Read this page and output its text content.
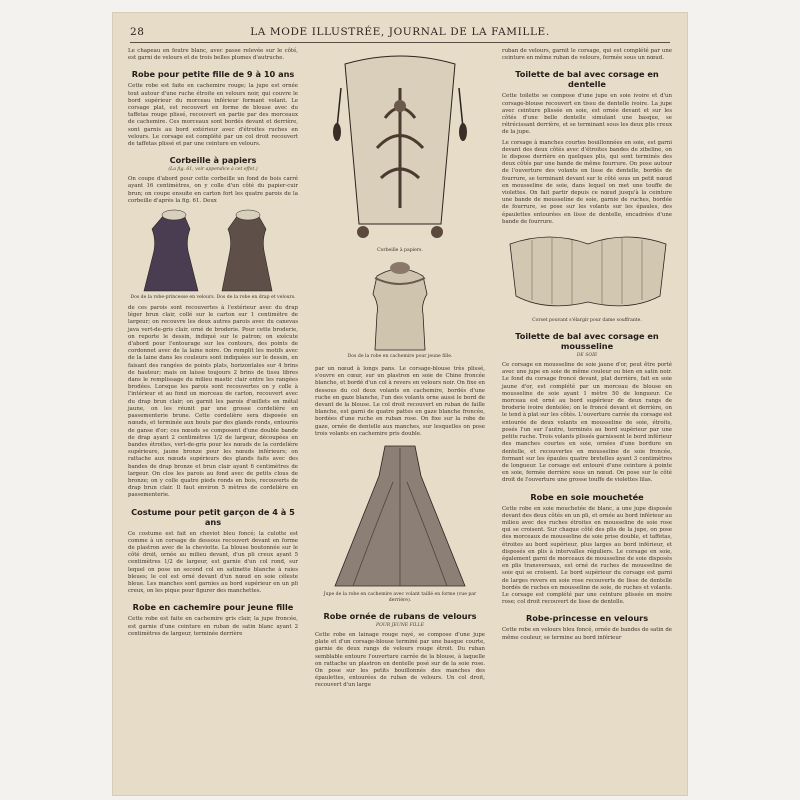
28	LA MODE ILLUSTRÉE, JOURNAL DE LA FAMILLE.

Le chapeau en feutre blanc, avec passe relevée sur le côté, est garni de velours et de trois belles plumes d'autruche.

Robe pour petite fille de 9 à 10 ans

Cette robe est faite en cachemire rouge; la jupe est ornée tout autour d'une ruche étroite en velours noir, qui couvre le bord supérieur du morceau inférieur formant volant. Le corsage plat, est recouvert en forme de blouse avec du taffetas rouge plissé, recouvert en partie par des morceaux de cachemire. Ces morceaux sont bordés devant et derrière, sont garnis au bord extérieur avec d'étroites ruches en velours. Le corsage est complété par un col droit recouvert de taffetas plissé et par une ceinture en velours.

Corbeille à papiers
(La fig. 61, voir appendice à cet effet.)

On coupe d'abord pour cette corbeille un fond de bois carré ayant 16 centimètres, on y colle d'un côté du papier-cuir brun; on coupe ensuite en carton fort les quatre parois de la corbeille d'après la fig. 61. Deux

Dos de la robe-princesse en velours. Dos de la robe en drap et velours.

de ces parois sont recouvertes à l'extérieur avec du drap léger brun clair, collé sur le carton sur 1 centimètre de largeur; on recouvre les deux autres parois avec du canevas java vert-de-gris clair, orné de broderie. Pour cette broderie, on reporte le dessin, indiqué sur le patron; on exécute d'abord pour l'entourage sur les contours, des points de cordonnet avec de la laine noire. On remplit les motifs avec de la laine dans les couleurs sont indiquées sur le dessin, en faisant des rangées de points plats, horizontales sur 4 brins de hauteur; mais on laisse toujours 2 brins de tissu libres dans le remplissage du milieu mastic clair entre les rangées brodées. Lorsque les parois sont recouvertes on y colle à l'intérieur et au fond un morceau de carton, recouvert avec du drap brun clair; on garnit les parois d'œillets en métal jaune, on les réunit par une grosse cordelière en passementerie brune. Cette cordelière sera disposée en nœuds, et terminée aux bouts par des glands ronds, entourés de ganse d'or; ces nœuds se composent d'une double bande de drap ayant 2 centimètres 1/2 de largeur, découpées en bandes étroites, vert-de-gris pour les nœuds de la cordelière supérieure, jaune bronze pour les nœuds inférieurs; on rattache aux nœuds supérieurs des glands faits avec des bandes de drap bronze et brun clair ayant 6 centimètres de largeur. On clos les parois au fond avec de petits clous de bronze; on y colle quatre pieds ronds en bois, recouverts de drap brun clair. Il faut environ 5 mètres de cordelière en passementerie.

Costume pour petit garçon de 4 à 5 ans

Ce costume est fait en cheviot bleu foncé; la culotte est comme à un corsage de dessous recouvert devant en forme de plastron avec de la cheviotte. La blouse boutonnée sur le côté droit, ornée au milieu devant, d'un pli creux ayant 5 centimètres 1/2 de largeur, est garnie d'un col rond, sur lequel on pose un second col en satinette blanche à raies bleues; le col est orné devant d'un nœud en soie céleste bleue. Les manches sont garnies au bord supérieur en un pli creux, on les pique pour figurer des manchettes.

Robe en cachemire pour jeune fille

Cette robe est faite en cachemire gris clair, la jupe froncée, est garnie d'une ceinture en ruban de satin blanc ayant 2 centimètres de largeur, terminée derrière

Corbeille à papiers.
Dos de la robe en cachemire pour jeune fille.

par un nœud à longs pans. Le corsage-blouse très plissé, s'ouvre en cœur, sur un plastron en soie de Chine froncée blanche, et bordé d'un col à revers en velours noir. On fixe en dessous du col deux volants en cachemire, bordés d'une ruche en gaze blanche, l'un des volants orne aussi le bord de devant de la blouse. Le col droit recouvert en ruban de faille blanche, est garni de quatre pattes en gaze blanche froncée, bordées d'une ruche en ruban rose. On fixe sur la robe de gaze, ornée de dentelle aux manches, sur lesquelles on pose trois volants en cachemire pris double.

Jupe de la robe en cachemire avec volant taillé en forme (vue par derrière).
Robe ornée de rubans de velours
POUR JEUNE FILLE

Cette robe en lainage rouge rayé, se compose d'une jupe plate et d'un corsage-blouse terminé par une basque courte, garnie de deux rangs de velours rouge étroit. Du ruban semblable entoure l'ouverture carrée de la blouse, à laquelle on rattache un plastron en dentelle posé sur de la soie rose. On pose sur les petits bouillonnés des manches des épaulettes, entourées de ruban de velours. Un col droit, recouvert d'un large

ruban de velours, garnit le corsage, qui est complété par une ceinture en même ruban de velours, fermée sous un nœud.

Toilette de bal avec corsage en dentelle

Cette toilette se compose d'une jupe en soie ivoire et d'un corsage-blouse recouvert en tissu de dentelle ivoire. La jupe avec ceinture plissée en soie, est ornée devant et sur les côtés d'une belle dentelle simulant une basque, se rétrécissant derrière, et se terminant sous les deux plis creux de la jupe.

Le corsage à manches courtes bouillonnées en soie, est garni devant des deux côtés avec d'étroites bandes de zibeline, on le dispose derrière en quelques plis, qui sont terminés des deux côtés par une bande de même fourrure. On pose autour de l'ouverture des volants en lisse de dentelle, bordés de fourrure, se terminant devant sur le côté sous un petit nœud en mousseline de soie, dans lequel on met une touffe de violettes. On fait partir depuis ce nœud jusqu'à la ceinture une bande de mousseline de soie, garnie de ruches, bordée de fourrure, se pose sur les volants sur les épaules, des épaulettes entourées en lisse de dentelle, encadrées d'une bande de fourrure.

Corset pouvant s'élargir pour dame souffrante.
Toilette de bal avec corsage en mousseline
DE SOIE

Ce corsage en mousseline de soie jaune d'or, peut être porté avec une jupe en soie de même couleur ou bien en satin noir. Le fond du corsage froncé devant, plat derrière, fait en soie jaune d'or, est complété par un morceau de blouse en mousseline de soie ayant 1 mètre 50 de longueur. Ce morceau est orné au bord supérieur de deux rangs de broderie ivoire dentelée; on le froncé devant et derrière, on le tend à plat sur les côtés. L'ouverture carrée du corsage est entourée de deux volants en mousseline de soie, étroits, posés l'un sur l'autre, terminés au bord supérieur par une petite ruche. Trois volants plissés garnissent le bord inférieur des manches courtes en soie, ornées d'une bordure en dentelle, et recouvertes en mousseline de soie froncée, formant sur les épaules quatre bretelles ayant 3 centimètres de longueur. Le corsage est entouré d'une ceinture à pointe en soie, fermée derrière sous un nœud. On pose sur le côté droit de l'ouverture une grosse touffe de violettes lilas.

Robe en soie mouchetée

Cette robe en soie mouchetée de blanc, a une jupe disposée devant des deux côtés en un pli, et ornée au bord inférieur au milieu avec des ruches étroites en mousseline de soie rose qui se croisent. Sur chaque côté des plis de la jupe, on pose des morceaux de mousseline de soie prise double, et taffetas, étroites au bord supérieur, plus larges au bord inférieur, et disposés en plis à intervalles réguliers. Le corsage en soie, également garni de morceaux de mousseline de soie disposés en plis transversaux, est orné de ruches de mousseline de soie qui se croisent. Le bord supérieur du corsage est garni de larges revers en soie rose recouverts de lisse de dentelle bordés de ruches en mousseline de soie, de ruches et volants. Le corsage est complété par une ceinture plissée en moire rose; col droit recouvert de lisse de dentelle.

Robe-princesse en velours

Cette robe en velours bleu foncé, ornée de bandes de satin de même couleur, se termine au bord inférieur
